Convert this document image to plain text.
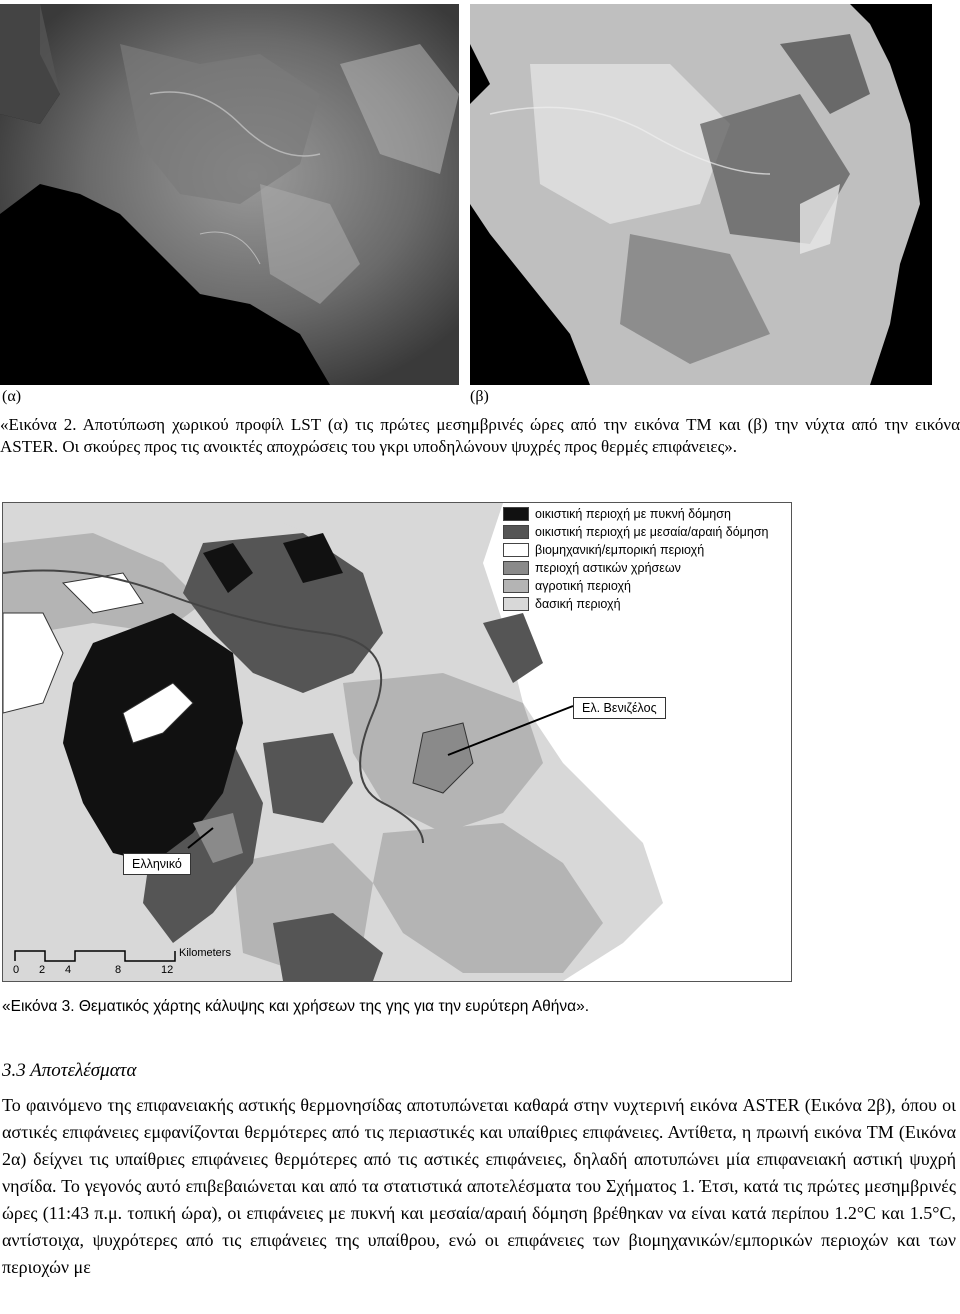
(α)	(β)
«Εικόνα 2. Αποτύπωση χωρικού προφίλ LST (α) τις πρώτες μεσημβρινές ώρες από την εικόνα TM και (β) την νύχτα από την εικόνα ASTER. Οι σκούρες προς τις ανοικτές αποχρώσεις του γκρι υποδηλώνουν ψυχρές προς θερμές επιφάνειες».
οικιστική περιοχή με πυκνή δόμηση
οικιστική περιοχή με μεσαία/αραιή δόμηση
βιομηχανική/εμπορική περιοχή
περιοχή αστικών χρήσεων
αγροτική περιοχή
δασική περιοχή
Ελ. Βενιζέλος
Ελληνικό
Kilometers
0 2 4	8	12
«Εικόνα 3. Θεματικός χάρτης κάλυψης και χρήσεων της γης για την ευρύτερη Αθήνα».
3.3 Αποτελέσματα

Το φαινόμενο της επιφανειακής αστικής θερμονησίδας αποτυπώνεται καθαρά στην νυχτερινή εικόνα ASTER (Εικόνα 2β), όπου οι αστικές επιφάνειες εμφανίζονται θερμότερες από τις περιαστικές και υπαίθριες επιφάνειες. Αντίθετα, η πρωινή εικόνα TM (Εικόνα 2α) δείχνει τις υπαίθριες επιφάνειες θερμότερες από τις αστικές επιφάνειες, δηλαδή αποτυπώνει μία επιφανειακή αστική ψυχρή νησίδα. Το γεγονός αυτό επιβεβαιώνεται και από τα στατιστικά αποτελέσματα του Σχήματος 1. Έτσι, κατά τις πρώτες μεσημβρινές ώρες (11:43 π.μ. τοπική ώρα), οι επιφάνειες με πυκνή και μεσαία/αραιή δόμηση βρέθηκαν να είναι κατά περίπου 1.2°C και 1.5°C, αντίστοιχα, ψυχρότερες από τις επιφάνειες της υπαίθρου, ενώ οι επιφάνειες των βιομηχανικών/εμπορικών περιοχών και των περιοχών με
